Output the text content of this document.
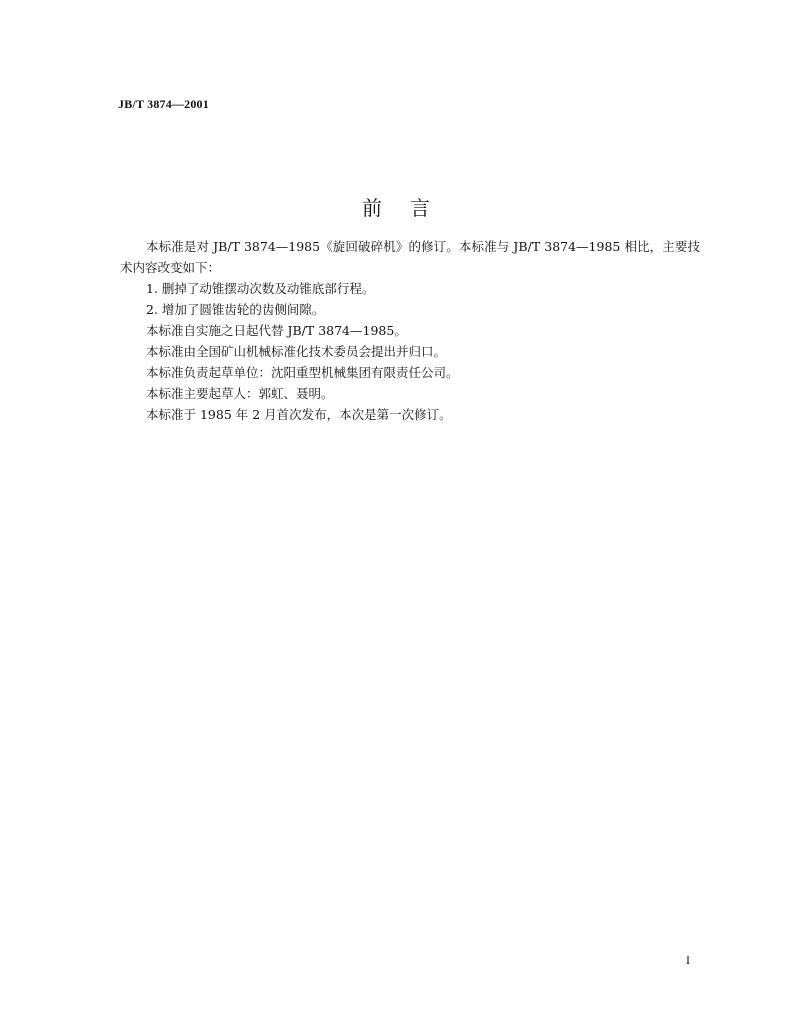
JB/T 3874—2001
前言

本标准是对 JB/T 3874—1985《旋回破碎机》的修订。本标准与 JB/T 3874—1985 相比，主要技术内容改变如下：

1. 删掉了动锥摆动次数及动锥底部行程。

2. 增加了圆锥齿轮的齿侧间隙。

本标准自实施之日起代替 JB/T 3874—1985。

本标准由全国矿山机械标准化技术委员会提出并归口。

本标准负责起草单位：沈阳重型机械集团有限责任公司。

本标准主要起草人：郭虹、聂明。

本标准于 1985 年 2 月首次发布，本次是第一次修订。

I
